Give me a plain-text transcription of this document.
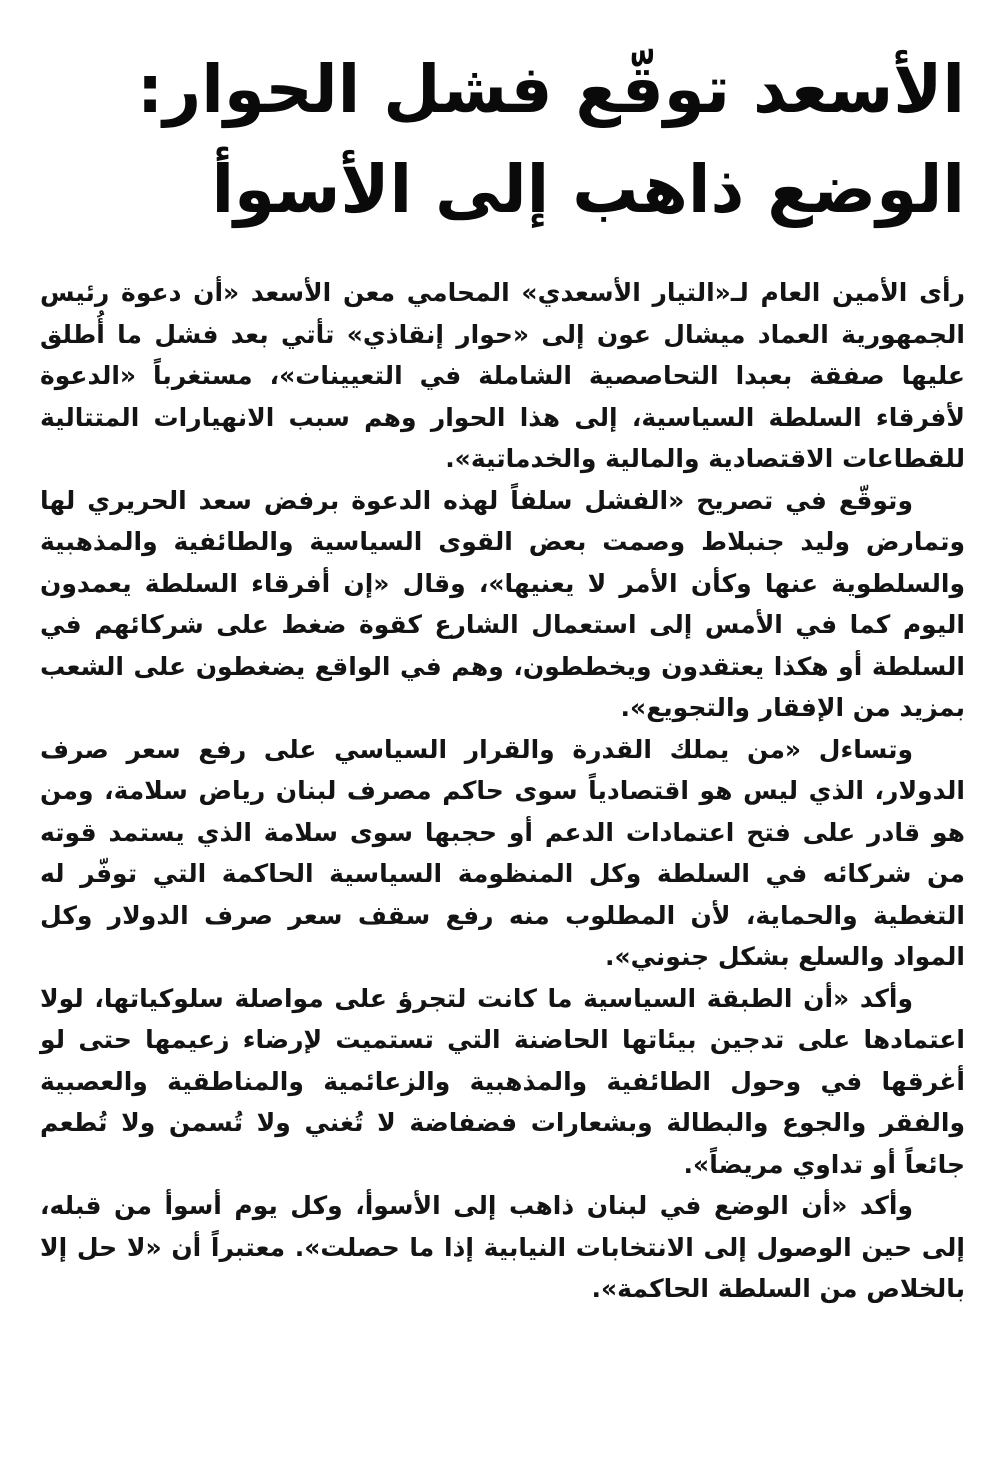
الأسعد توقّع فشل الحوار:
الوضع ذاهب إلى الأسوأ

رأى الأمين العام لـ«التيار الأسعدي» المحامي معن الأسعد «أن دعوة رئيس الجمهورية العماد ميشال عون إلى «حوار إنقاذي» تأتي بعد فشل ما أُطلق عليها صفقة بعبدا التحاصصية الشاملة في التعيينات»، مستغرباً «الدعوة لأفرقاء السلطة السياسية، إلى هذا الحوار وهم سبب الانهيارات المتتالية للقطاعات الاقتصادية والمالية والخدماتية».

وتوقّع في تصريح «الفشل سلفاً لهذه الدعوة برفض سعد الحريري لها وتمارض وليد جنبلاط وصمت بعض القوى السياسية والطائفية والمذهبية والسلطوية عنها وكأن الأمر لا يعنيها»، وقال «إن أفرقاء السلطة يعمدون اليوم كما في الأمس إلى استعمال الشارع كقوة ضغط على شركائهم في السلطة أو هكذا يعتقدون ويخططون، وهم في الواقع يضغطون على الشعب بمزيد من الإفقار والتجويع».

وتساءل «من يملك القدرة والقرار السياسي على رفع سعر صرف الدولار، الذي ليس هو اقتصادياً سوى حاكم مصرف لبنان رياض سلامة، ومن هو قادر على فتح اعتمادات الدعم أو حجبها سوى سلامة الذي يستمد قوته من شركائه في السلطة وكل المنظومة السياسية الحاكمة التي توفّر له التغطية والحماية، لأن المطلوب منه رفع سقف سعر صرف الدولار وكل المواد والسلع بشكل جنوني».

وأكد «أن الطبقة السياسية ما كانت لتجرؤ على مواصلة سلوكياتها، لولا اعتمادها على تدجين بيئاتها الحاضنة التي تستميت لإرضاء زعيمها حتى لو أغرقها في وحول الطائفية والمذهبية والزعائمية والمناطقية والعصبية والفقر والجوع والبطالة وبشعارات فضفاضة لا تُغني ولا تُسمن ولا تُطعم جائعاً أو تداوي مريضاً».

وأكد «أن الوضع في لبنان ذاهب إلى الأسوأ، وكل يوم أسوأ من قبله، إلى حين الوصول إلى الانتخابات النيابية إذا ما حصلت». معتبراً أن «لا حل إلا بالخلاص من السلطة الحاكمة».
